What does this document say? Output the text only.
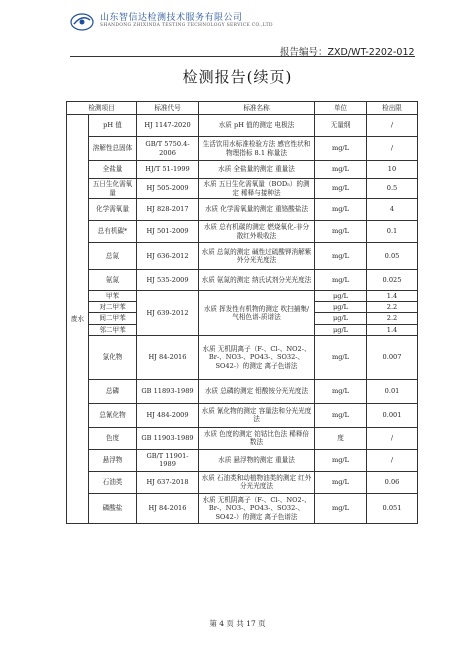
山东智信达检测技术服务有限公司
SHANDONG ZHIXINDA TESTING TECHNOLOGY SERVICE CO.,LTD
报告编号：ZXD/WT-2202-012
检测报告(续页)
检测项目		标准代号	标准名称	单位	检出限
废水	pH 值	HJ 1147-2020	水质 pH 值的测定 电极法	无量纲	/
	溶解性总固体	GB/T 5750.4-2006	生活饮用水标准检验方法 感官性状和物理指标 8.1 称量法	mg/L	/
	全盐量	HJ/T 51-1999	水质 全盐量的测定 重量法	mg/L	10
	五日生化需氧量	HJ 505-2009	水质 五日生化需氧量（BOD₅）的测定 稀释与接种法	mg/L	0.5
	化学需氧量	HJ 828-2017	水质 化学需氧量的测定 重铬酸盐法	mg/L	4
	总有机碳*	HJ 501-2009	水质 总有机碳的测定 燃烧氧化-非分散红外吸收法	mg/L	0.1
	总氮	HJ 636-2012	水质 总氮的测定 碱性过硫酸钾消解紫外分光光度法	mg/L	0.05
	氨氮	HJ 535-2009	水质 氨氮的测定 纳氏试剂分光光度法	mg/L	0.025
	甲苯	HJ 639-2012	水质 挥发性有机物的测定 吹扫捕集/气相色谱-质谱法	μg/L	1.4
	对二甲苯			μg/L	2.2
	间二甲苯			μg/L	2.2
	邻二甲苯			μg/L	1.4
	氯化物	HJ 84-2016	水质 无机阴离子（F-、Cl-、NO2-、Br-、NO3-、PO43-、SO32-、SO42-）的测定 离子色谱法	mg/L	0.007
	总磷	GB 11893-1989	水质 总磷的测定 钼酸铵分光光度法	mg/L	0.01
	总氰化物	HJ 484-2009	水质 氰化物的测定 容量法和分光光度法	mg/L	0.001
	色度	GB 11903-1989	水质 色度的测定 铂钴比色法 稀释倍数法	度	/
	悬浮物	GB/T 11901-1989	水质 悬浮物的测定 重量法	mg/L	/
	石油类	HJ 637-2018	水质 石油类和动植物油类的测定 红外分光光度法	mg/L	0.06
	磷酸盐	HJ 84-2016	水质 无机阴离子（F-、Cl-、NO2-、Br-、NO3-、PO43-、SO32-、SO42-）的测定 离子色谱法	mg/L	0.051
第 4 页 共 17 页
